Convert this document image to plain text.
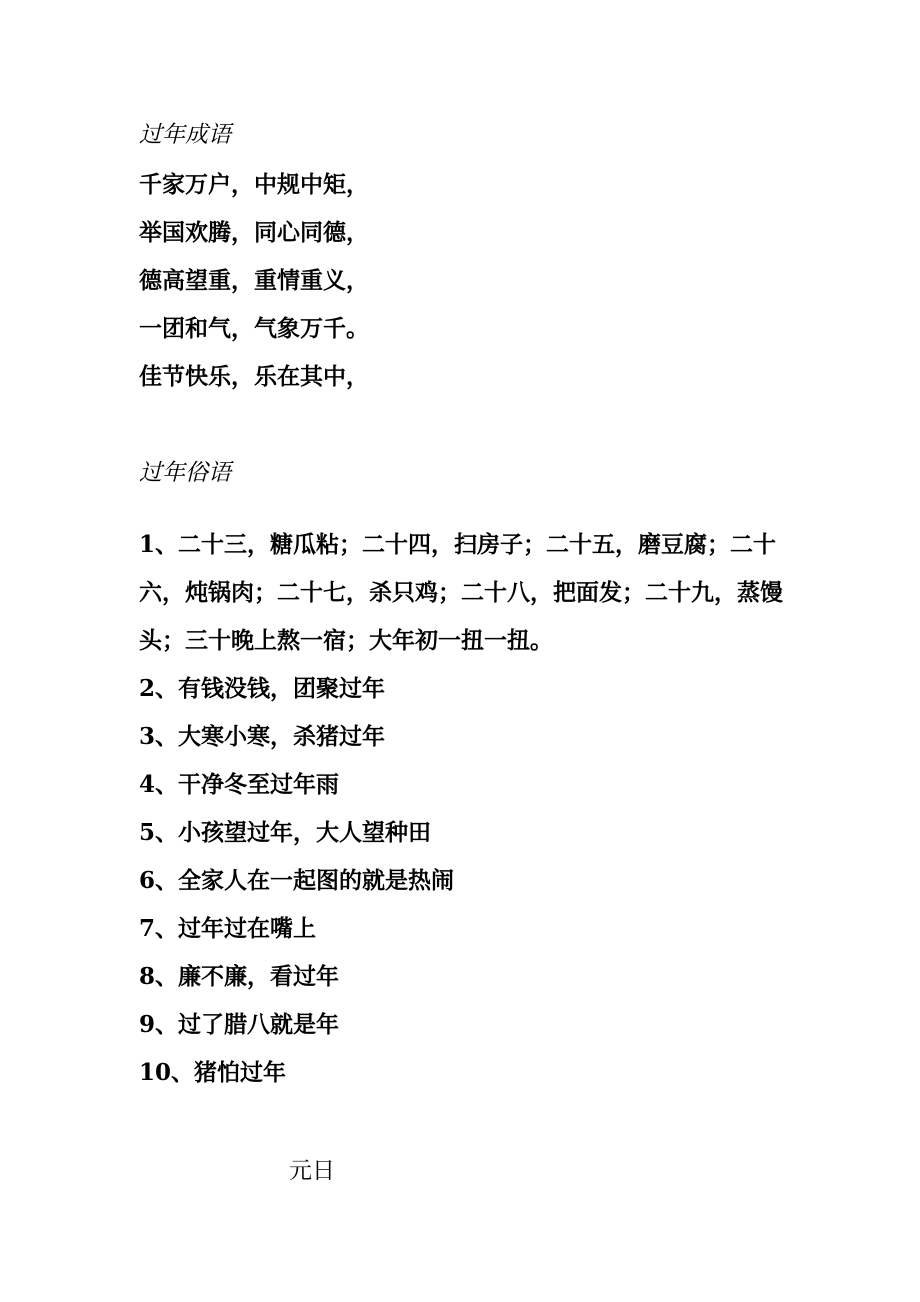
过年成语
千家万户，中规中矩，
举国欢腾，同心同德，
德高望重，重情重义，
一团和气，气象万千。
佳节快乐，乐在其中，
过年俗语
1、二十三，糖瓜粘；二十四，扫房子；二十五，磨豆腐；二十六，炖锅肉；二十七，杀只鸡；二十八，把面发；二十九，蒸馒头；三十晚上熬一宿；大年初一扭一扭。
2、有钱没钱，团聚过年
3、大寒小寒，杀猪过年
4、干净冬至过年雨
5、小孩望过年，大人望种田
6、全家人在一起图的就是热闹
7、过年过在嘴上
8、廉不廉，看过年
9、过了腊八就是年
10、猪怕过年
元日
